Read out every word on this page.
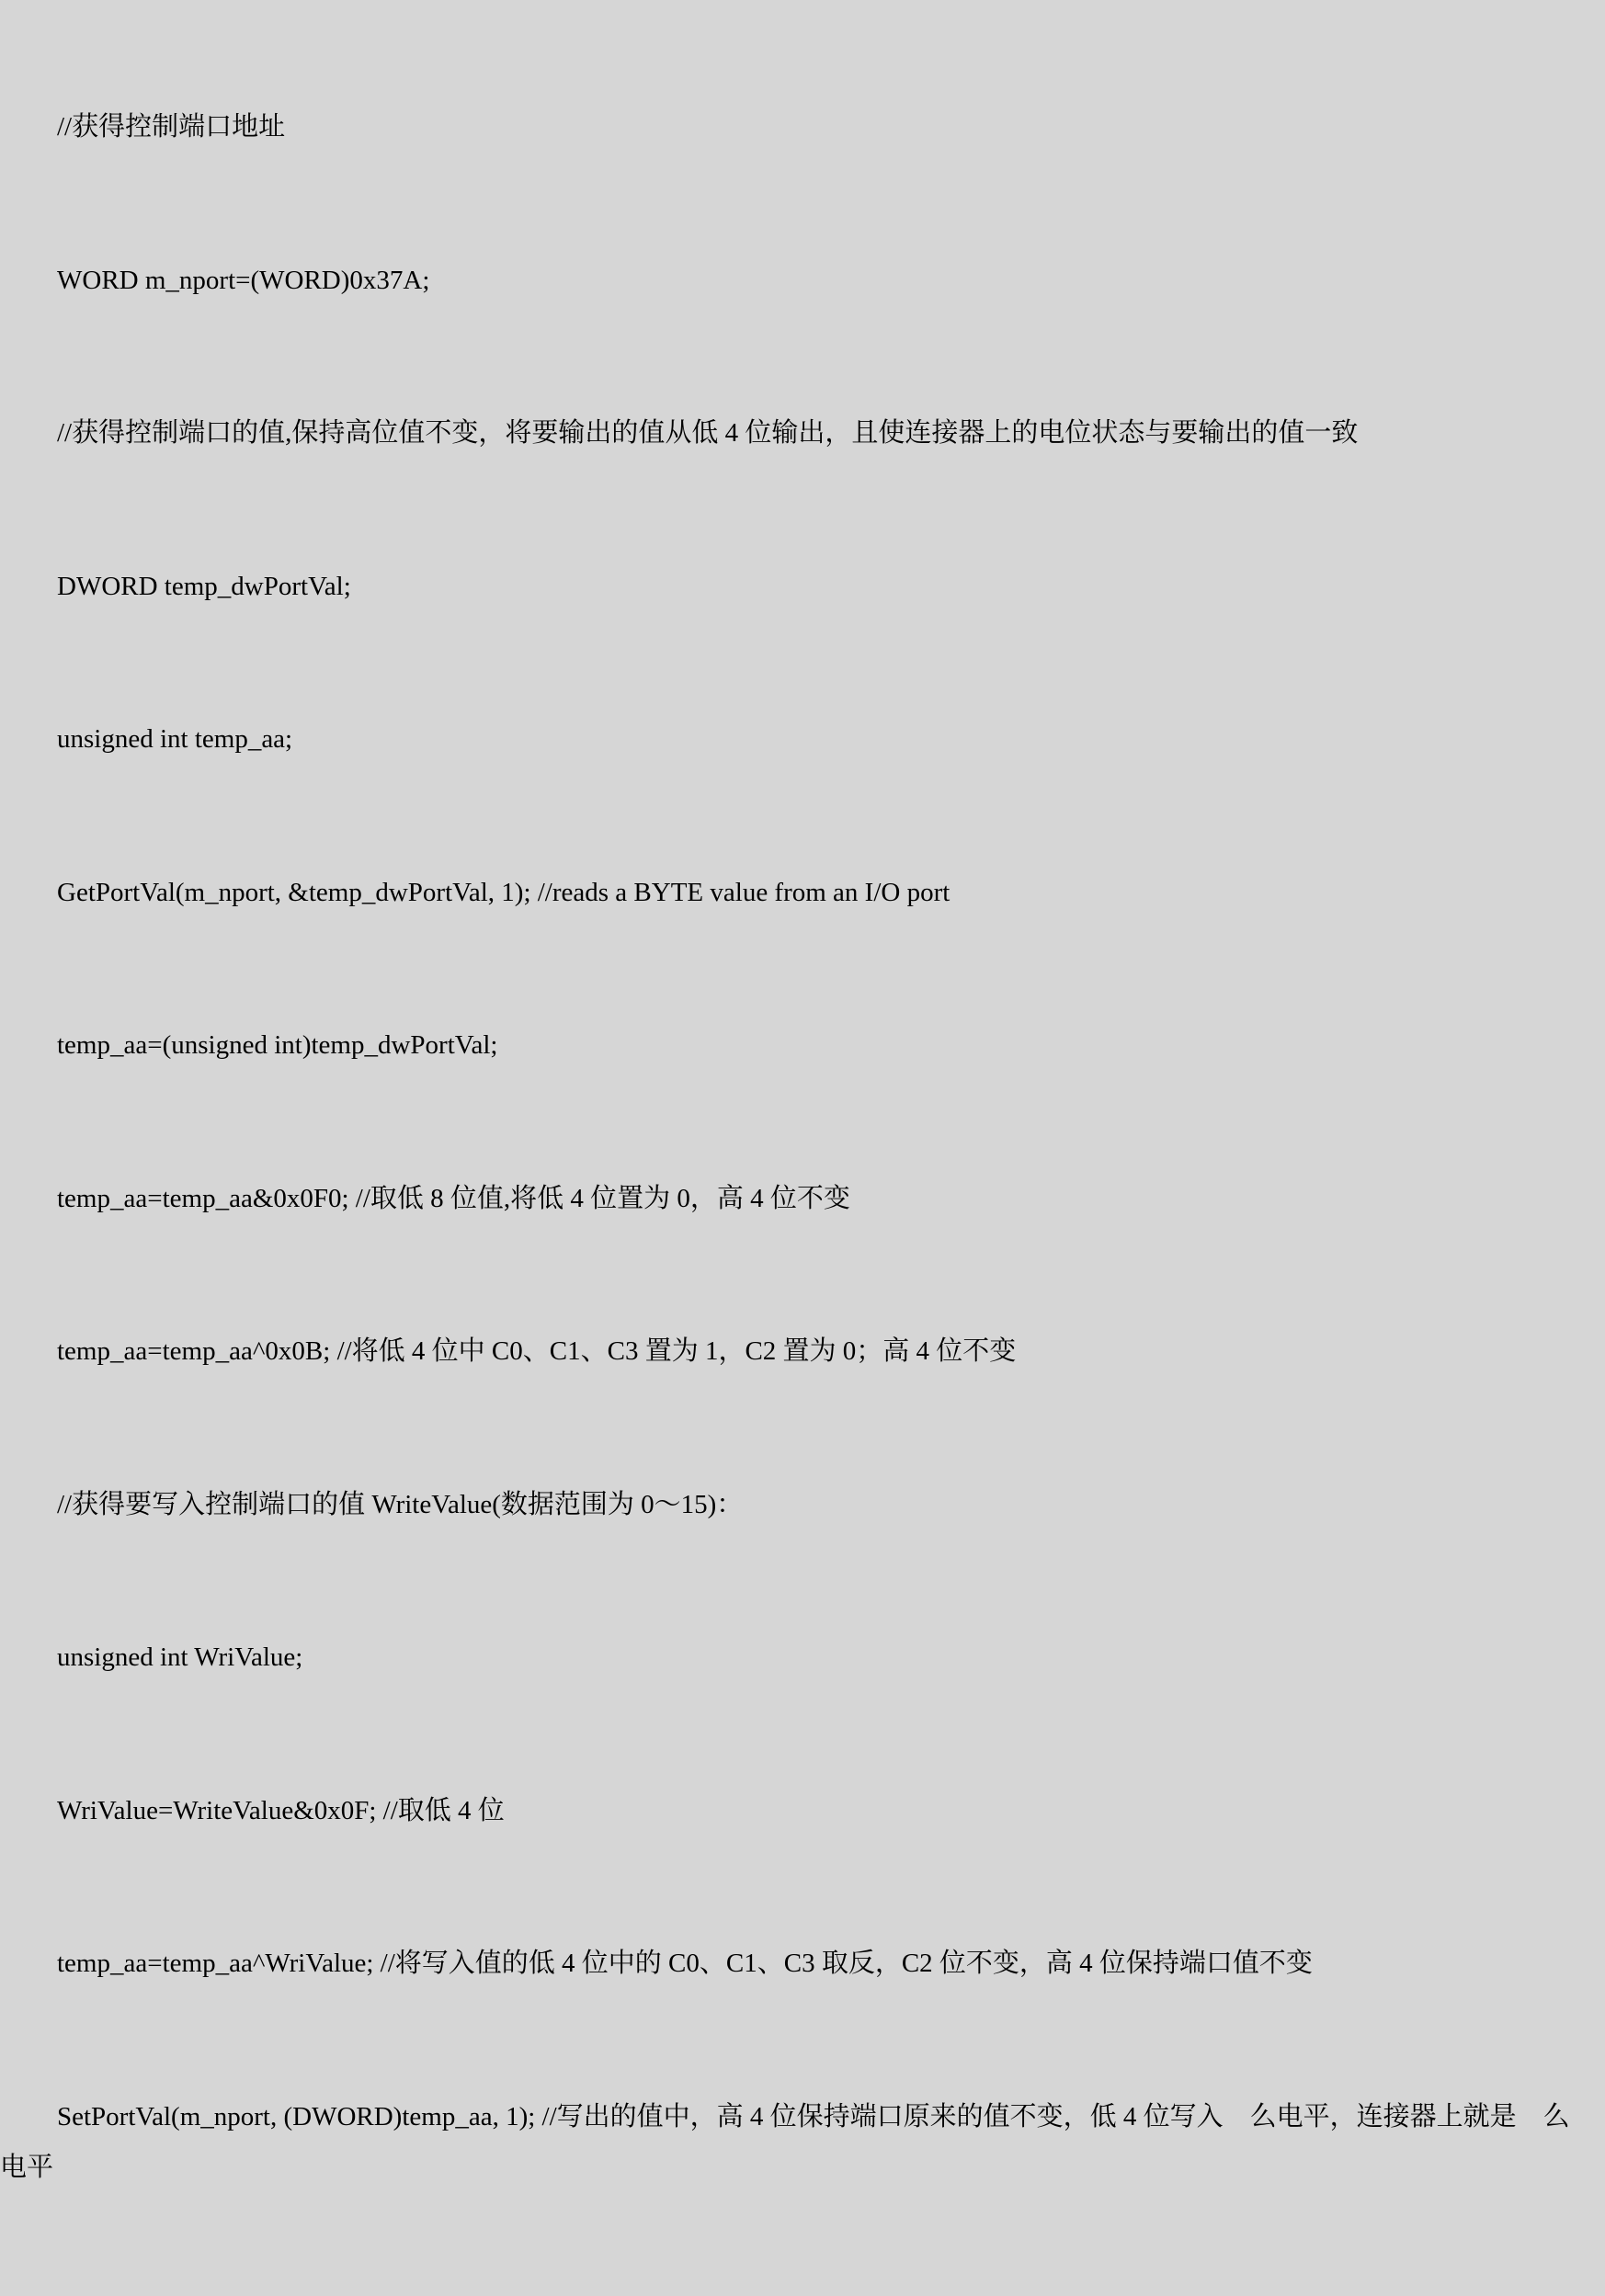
//获得控制端口地址

WORD m_nport=(WORD)0x37A;

//获得控制端口的值,保持高位值不变，将要输出的值从低 4 位输出，且使连接器上的电位状态与要输出的值一致

DWORD temp_dwPortVal;

unsigned int temp_aa;

GetPortVal(m_nport, &temp_dwPortVal, 1); //reads a BYTE value from an I/O port

temp_aa=(unsigned int)temp_dwPortVal;

temp_aa=temp_aa&0x0F0; //取低 8 位值,将低 4 位置为 0，高 4 位不变

temp_aa=temp_aa^0x0B; //将低 4 位中 C0、C1、C3 置为 1，C2 置为 0；高 4 位不变

//获得要写入控制端口的值 WriteValue(数据范围为 0～15)：

unsigned int WriValue;

WriValue=WriteValue&0x0F; //取低 4 位

temp_aa=temp_aa^WriValue; //将写入值的低 4 位中的 C0、C1、C3 取反，C2 位不变，高 4 位保持端口值不变

SetPortVal(m_nport, (DWORD)temp_aa, 1); //写出的值中，高 4 位保持端口原来的值不变，低 4 位写入　么电平，连接器上就是　么电平
